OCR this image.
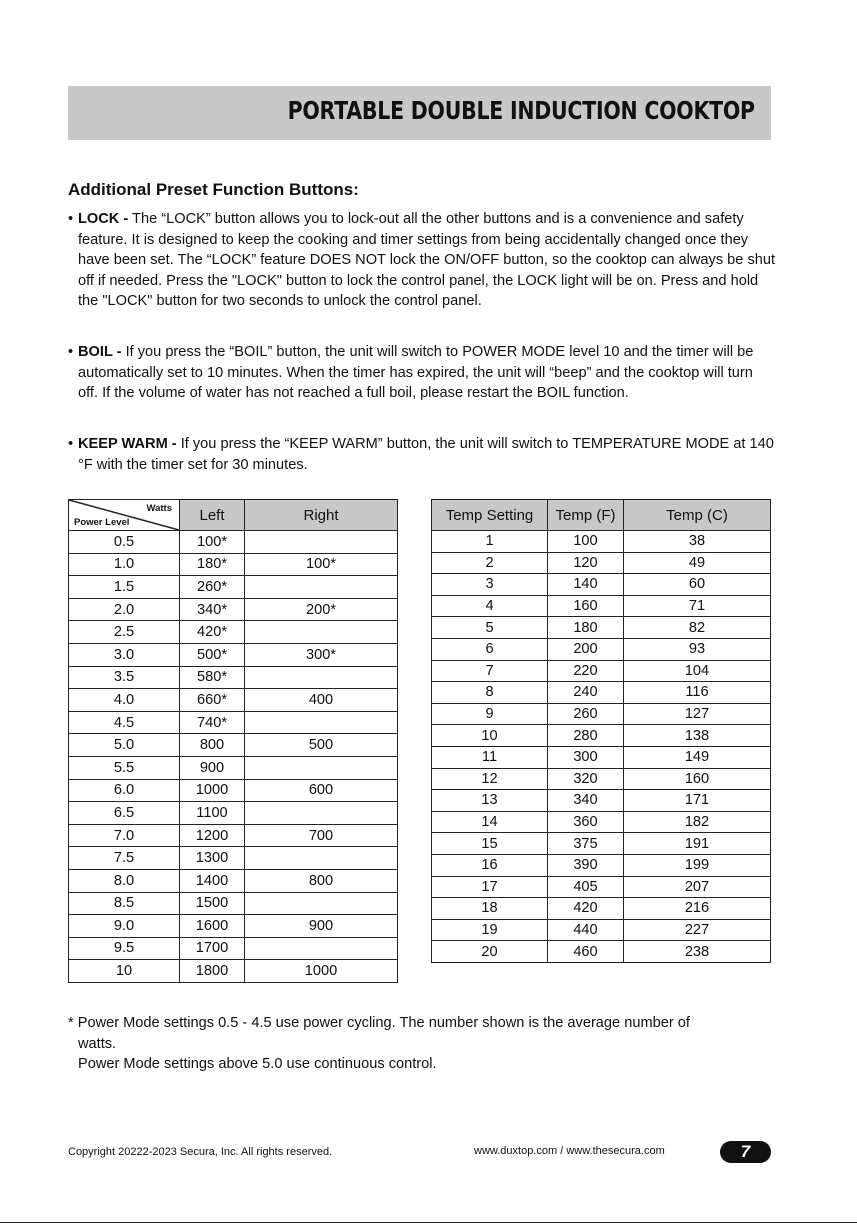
PORTABLE DOUBLE INDUCTION COOKTOP
Additional Preset Function Buttons:
• LOCK - The “LOCK” button allows you to lock-out all the other buttons and is a convenience and safety feature. It is designed to keep the cooking and timer settings from being accidentally changed once they have been set. The “LOCK” feature DOES NOT lock the ON/OFF button, so the cooktop can always be shut off if needed. Press the "LOCK" button to lock the control panel, the LOCK light will be on. Press and hold the "LOCK" button for two seconds to unlock the control panel.
• BOIL - If you press the “BOIL” button, the unit will switch to POWER MODE level 10 and the timer will be automatically set to 10 minutes. When the timer has expired, the unit will “beep” and the cooktop will turn off. If the volume of water has not reached a full boil, please restart the BOIL function.
• KEEP WARM - If you press the “KEEP WARM” button, the unit will switch to TEMPERATURE MODE at 140 °F with the timer set for 30 minutes.
Watts
Power Level	Left	Right
0.5	100*	
1.0	180*	100*
1.5	260*	
2.0	340*	200*
2.5	420*	
3.0	500*	300*
3.5	580*	
4.0	660*	400
4.5	740*	
5.0	800	500
5.5	900	
6.0	1000	600
6.5	1100	
7.0	1200	700
7.5	1300	
8.0	1400	800
8.5	1500	
9.0	1600	900
9.5	1700	
10	1800	1000
Temp Setting	Temp (F)	Temp (C)
1	100	38
2	120	49
3	140	60
4	160	71
5	180	82
6	200	93
7	220	104
8	240	116
9	260	127
10	280	138
11	300	149
12	320	160
13	340	171
14	360	182
15	375	191
16	390	199
17	405	207
18	420	216
19	440	227
20	460	238
* Power Mode settings 0.5 - 4.5 use power cycling. The number shown is the average number of
watts.
Power Mode settings above 5.0 use continuous control.
Copyright 20222-2023 Secura, Inc. All rights reserved.	www.duxtop.com / www.thesecura.com	7
